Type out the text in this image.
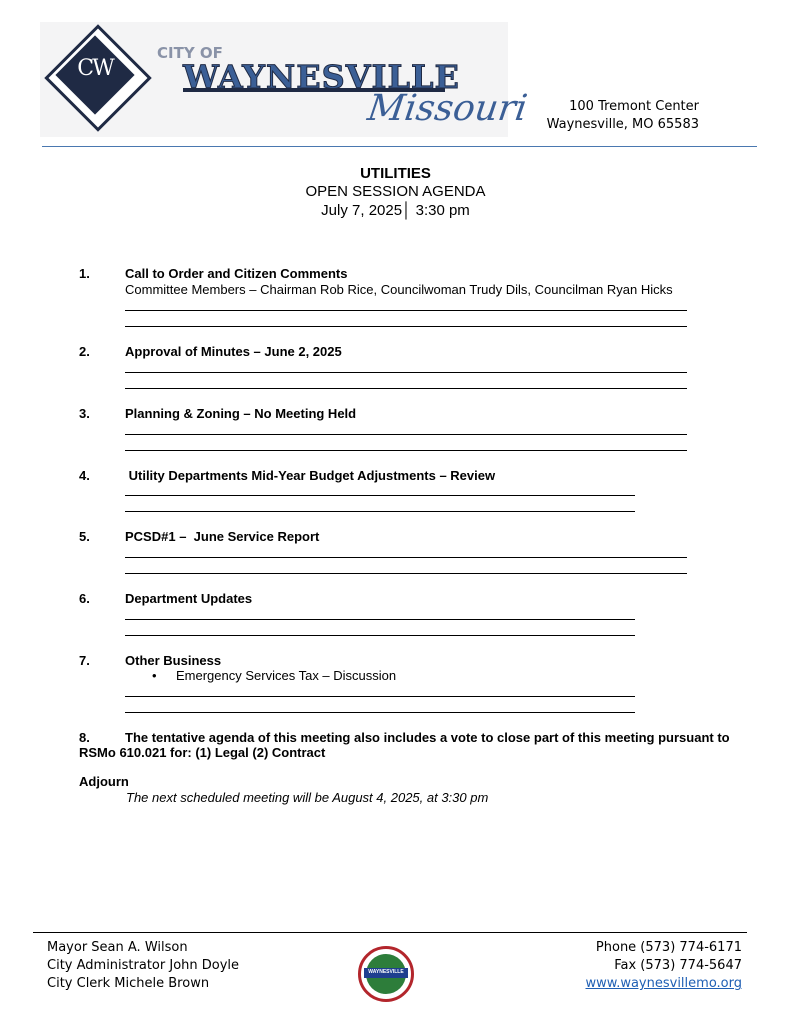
CW
CITY OF
WAYNESVILLE
Missouri	100 Tremont Center
Waynesville, MO 65583
UTILITIES
OPEN SESSION AGENDA
July 7, 2025│ 3:30 pm
1.	Call to Order and Citizen Comments
Committee Members – Chairman Rob Rice, Councilwoman Trudy Dils, Councilman Ryan Hicks
2.	Approval of Minutes – June 2, 2025
3.	Planning & Zoning – No Meeting Held
4.	Utility Departments Mid-Year Budget Adjustments – Review
5.	PCSD#1 –  June Service Report
6.	Department Updates
7.	Other Business
• Emergency Services Tax – Discussion
8.	The tentative agenda of this meeting also includes a vote to close part of this meeting pursuant to
RSMo 610.021 for: (1) Legal (2) Contract
Adjourn
The next scheduled meeting will be August 4, 2025, at 3:30 pm
Mayor Sean A. Wilson
City Administrator John Doyle
City Clerk Michele Brown
WAYNESVILLE
Phone (573) 774-6171
Fax (573) 774-5647
www.waynesvillemo.org
